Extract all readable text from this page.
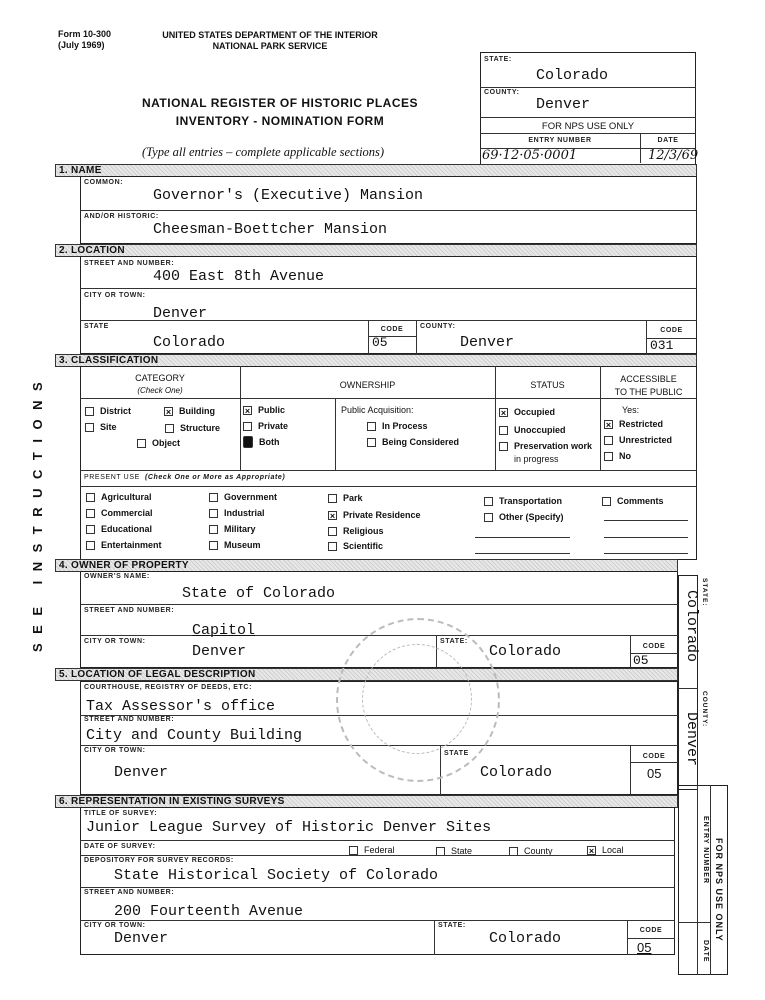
Form 10-300
(July 1969)
UNITED STATES DEPARTMENT OF THE INTERIOR
NATIONAL PARK SERVICE
NATIONAL REGISTER OF HISTORIC PLACES
INVENTORY - NOMINATION FORM
(Type all entries – complete applicable sections)
STATE:
Colorado
COUNTY:
Denver
FOR NPS USE ONLY
ENTRY NUMBER	DATE
69·12·05·0001	12/3/69
SEE INSTRUCTIONS
1. NAME
COMMON:
Governor's (Executive) Mansion
AND/OR HISTORIC:
Cheesman-Boettcher Mansion
2. LOCATION
STREET AND NUMBER:
400 East 8th Avenue
CITY OR TOWN:
Denver
STATE
Colorado
CODE
05
COUNTY:
Denver
CODE
031
3. CLASSIFICATION
CATEGORY
(Check One)
OWNERSHIP	STATUS
ACCESSIBLE
TO THE PUBLIC
Public Acquisition:
in progress
Yes:
PRESENT USE (Check One or More as Appropriate)
District	× Building
Site	Structure
Object
× Public
Private
Both
In Process
Being Considered
× Occupied
Unoccupied
Preservation work
× Restricted
Unrestricted
No
Agricultural
Commercial
Educational
Entertainment
Government
Industrial
Military
Museum
Park
× Private Residence
Religious
Scientific
Transportation
Other (Specify)
Comments
Federal	State	County	× Local
4. OWNER OF PROPERTY
OWNER'S NAME:
State of Colorado
STREET AND NUMBER:
Capitol
CITY OR TOWN:
Denver
STATE:
Colorado	CODE
05
STATE:
Colorado
COUNTY:
Denver
5. LOCATION OF LEGAL DESCRIPTION
COURTHOUSE, REGISTRY OF DEEDS, ETC:
Tax Assessor's office
STREET AND NUMBER:
City and County Building
CITY OR TOWN:
Denver
STATE
Colorado
CODE
05
6. REPRESENTATION IN EXISTING SURVEYS
TITLE OF SURVEY:
Junior League Survey of Historic Denver Sites
DATE OF SURVEY:
DEPOSITORY FOR SURVEY RECORDS:
State Historical Society of Colorado
STREET AND NUMBER:
200 Fourteenth Avenue
CITY OR TOWN:
Denver
STATE:
Colorado	CODE
05
ENTRY NUMBER FOR NPS USE ONLY
DATE
